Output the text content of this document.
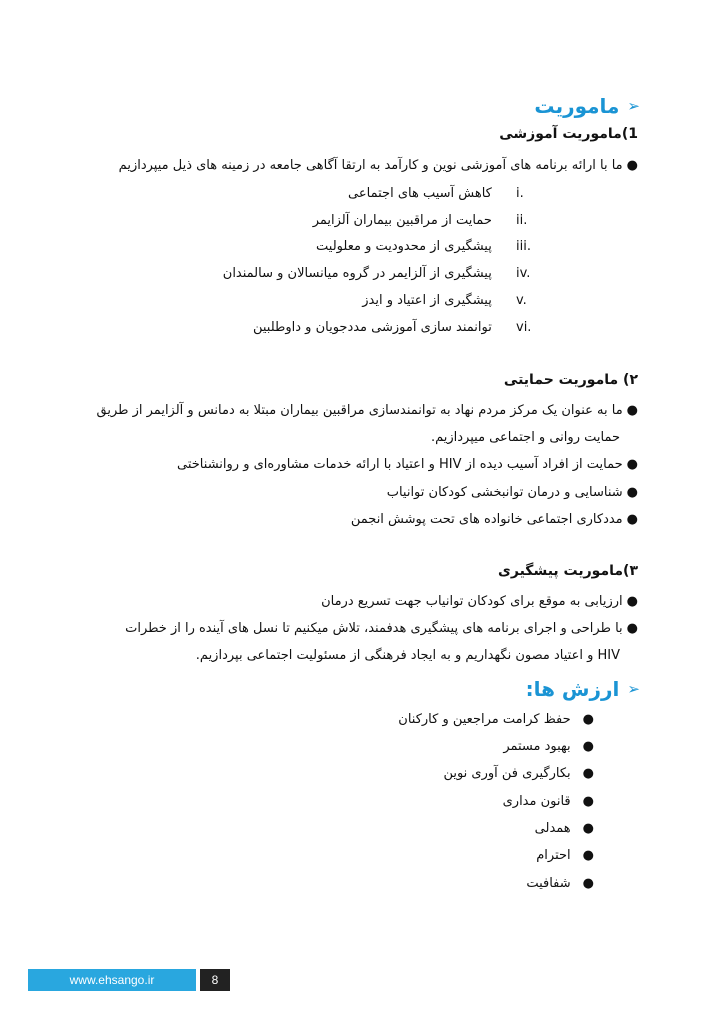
➢
ماموریت
1)ماموریت آموزشی
●
ما با ارائه برنامه های آموزشی نوین و کارآمد به ارتقا آگاهی جامعه در زمینه های ذیل میپردازیم
i. کاهش آسیب های اجتماعی
ii. حمایت از مراقبین بیماران آلزایمر
iii. پیشگیری از محدودیت و معلولیت
iv. پیشگیری از آلزایمر در گروه میانسالان و سالمندان
v. پیشگیری از اعتیاد و ایدز
vi. توانمند سازی آموزشی مددجویان و داوطلبین
۲) ماموریت حمایتی
●
ما به عنوان یک مرکز مردم نهاد به توانمندسازی مراقبین بیماران مبتلا به دمانس و آلزایمر از طریق
حمایت روانی و اجتماعی میپردازیم.
●
حمایت از افراد آسیب دیده از HIV و اعتیاد با ارائه خدمات مشاوره‌ای و روانشناختی
●
شناسایی و درمان توانبخشی کودکان توانیاب
●
مددکاری اجتماعی خانواده های تحت پوشش انجمن
۳)ماموریت پیشگیری
●
ارزیابی به موقع برای کودکان توانیاب جهت تسریع درمان
●
با طراحی و اجرای برنامه های پیشگیری هدفمند، تلاش میکنیم تا نسل های آینده را از خطرات
HIV و اعتیاد مصون نگهداریم و به ایجاد فرهنگی از مسئولیت اجتماعی بپردازیم.
➢
ارزش ها:
●
حفظ کرامت مراجعین و کارکنان
●
بهبود مستمر
●
بکارگیری فن آوری نوین
●
قانون مداری
●
همدلی
●
احترام
●
شفافیت
www.ehsango.ir	8
